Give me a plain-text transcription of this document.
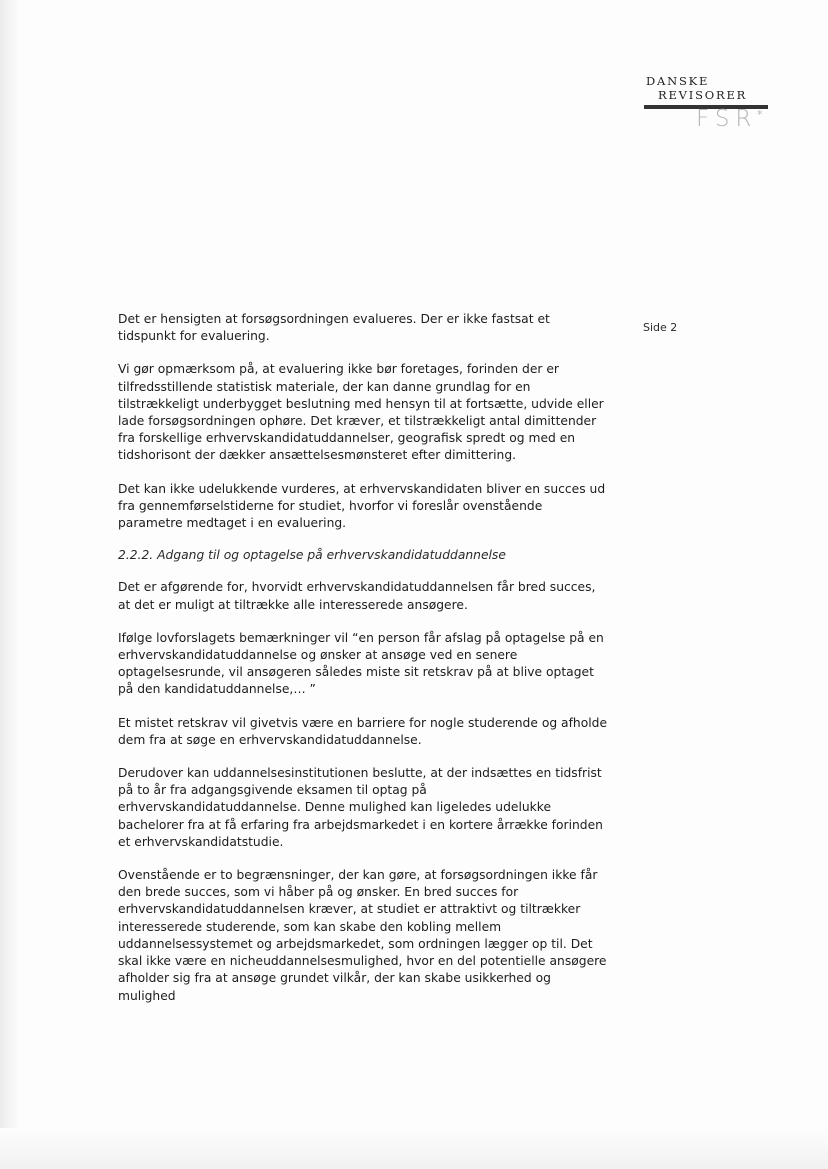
DANSKE
REVISORER
FSR *
Side 2

Det er hensigten at forsøgsordningen evalueres. Der er ikke fastsat et tidspunkt for evaluering.

Vi gør opmærksom på, at evaluering ikke bør foretages, forinden der er tilfredsstillende statistisk materiale, der kan danne grundlag for en tilstrækkeligt underbygget beslutning med hensyn til at fortsætte, udvide eller lade forsøgsordningen ophøre. Det kræver, et tilstrækkeligt antal dimittender fra forskellige erhvervskandidatuddannelser, geografisk spredt og med en tidshorisont der dækker ansættelsesmønsteret efter dimittering.

Det kan ikke udelukkende vurderes, at erhvervskandidaten bliver en succes ud fra gennemførselstiderne for studiet, hvorfor vi foreslår ovenstående parametre medtaget i en evaluering.

2.2.2. Adgang til og optagelse på erhvervskandidatuddannelse

Det er afgørende for, hvorvidt erhvervskandidatuddannelsen får bred succes, at det er muligt at tiltrække alle interesserede ansøgere.

Ifølge lovforslagets bemærkninger vil “en person får afslag på optagelse på en erhvervskandidatuddannelse og ønsker at ansøge ved en senere optagelsesrunde, vil ansøgeren således miste sit retskrav på at blive optaget på den kandidatuddannelse,… ”

Et mistet retskrav vil givetvis være en barriere for nogle studerende og afholde dem fra at søge en erhvervskandidatuddannelse.

Derudover kan uddannelsesinstitutionen beslutte, at der indsættes en tidsfrist på to år fra adgangsgivende eksamen til optag på erhvervskandidatuddannelse. Denne mulighed kan ligeledes udelukke bachelorer fra at få erfaring fra arbejdsmarkedet i en kortere årrække forinden et erhvervskandidatstudie.

Ovenstående er to begrænsninger, der kan gøre, at forsøgsordningen ikke får den brede succes, som vi håber på og ønsker. En bred succes for erhvervskandidatuddannelsen kræver, at studiet er attraktivt og tiltrækker interesserede studerende, som kan skabe den kobling mellem uddannelsessystemet og arbejdsmarkedet, som ordningen lægger op til. Det skal ikke være en nicheuddannelsesmulighed, hvor en del potentielle ansøgere afholder sig fra at ansøge grundet vilkår, der kan skabe usikkerhed og mulighed
